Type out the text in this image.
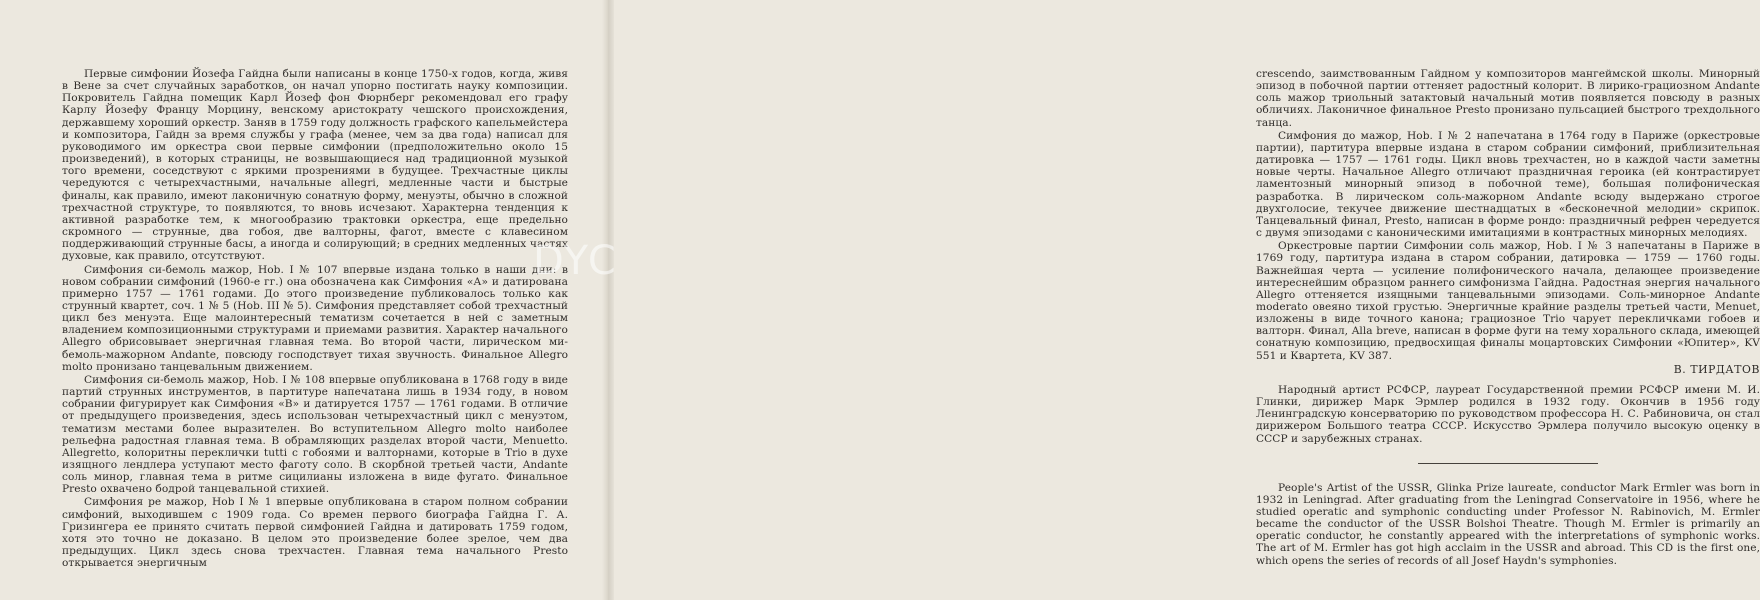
Первые симфонии Йозефа Гайдна были написаны в конце 1750-х годов, когда, живя в Вене за счет случайных заработков, он начал упорно постигать науку композиции. Покровитель Гайдна помещик Карл Йозеф фон Фюрнберг рекомендовал его графу Карлу Йозефу Францу Морцину, венскому аристократу чешского происхождения, державшему хороший оркестр. Заняв в 1759 году должность графского капельмейстера и композитора, Гайдн за время службы у графа (менее, чем за два года) написал для руководимого им оркестра свои первые симфонии (предположительно около 15 произведений), в которых страницы, не возвышающиеся над традиционной музыкой того времени, соседствуют с яркими прозрениями в будущее. Трехчастные циклы чередуются с четырехчастными, начальные allegri, медленные части и быстрые финалы, как правило, имеют лаконичную сонатную форму, менуэты, обычно в сложной трехчастной структуре, то появляются, то вновь исчезают. Характерна тенденция к активной разработке тем, к многообразию трактовки оркестра, еще предельно скромного — струнные, два гобоя, две валторны, фагот, вместе с клавесином поддерживающий струнные басы, а иногда и солирующий; в средних медленных частях духовые, как правило, отсутствуют.

Симфония си-бемоль мажор, Hob. I № 107 впервые издана только в наши дни: в новом собрании симфоний (1960-е гг.) она обозначена как Симфония «А» и датирована примерно 1757 — 1761 годами. До этого произведение публиковалось только как струнный квартет, соч. 1 № 5 (Hob. III № 5). Симфония представляет собой трехчастный цикл без менуэта. Еще малоинтересный тематизм сочетается в ней с заметным владением композиционными структурами и приемами развития. Характер начального Allegro обрисовывает энергичная главная тема. Во второй части, лирическом ми-бемоль-мажорном Andante, повсюду господствует тихая звучность. Финальное Allegro molto пронизано танцевальным движением.

Симфония си-бемоль мажор, Hob. I № 108 впервые опубликована в 1768 году в виде партий струнных инструментов, в партитуре напечатана лишь в 1934 году, в новом собрании фигурирует как Симфония «В» и датируется 1757 — 1761 годами. В отличие от предыдущего произведения, здесь использован четырехчастный цикл с менуэтом, тематизм местами более выразителен. Во вступительном Allegro molto наиболее рельефна радостная главная тема. В обрамляющих разделах второй части, Menuetto. Allegretto, колоритны переклички tutti с гобоями и валторнами, которые в Trio в духе изящного лендлера уступают место фаготу соло. В скорбной третьей части, Andante соль минор, главная тема в ритме сицилианы изложена в виде фугато. Финальное Presto охвачено бодрой танцевальной стихией.

Симфония ре мажор, Hob I № 1 впервые опубликована в старом полном собрании симфоний, выходившем с 1909 года. Со времен первого биографа Гайдна Г. А. Гризингера ее принято считать первой симфонией Гайдна и датировать 1759 годом, хотя это точно не доказано. В целом это произведение более зрелое, чем два предыдущих. Цикл здесь снова трехчастен. Главная тема начального Presto открывается энергичным

crescendo, заимствованным Гайдном у композиторов мангеймской школы. Минорный эпизод в побочной партии оттеняет радостный колорит. В лирико-грациозном Andante соль мажор триольный затактовый начальный мотив появляется повсюду в разных обличиях. Лаконичное финальное Presto пронизано пульсацией быстрого трехдольного танца.

Симфония до мажор, Hob. I № 2 напечатана в 1764 году в Париже (оркестровые партии), партитура впервые издана в старом собрании симфоний, приблизительная датировка — 1757 — 1761 годы. Цикл вновь трехчастен, но в каждой части заметны новые черты. Начальное Allegro отличают праздничная героика (ей контрастирует ламентозный минорный эпизод в побочной теме), большая полифоническая разработка. В лирическом соль-мажорном Andante всюду выдержано строгое двухголосие, текучее движение шестнадцатых в «бесконечной мелодии» скрипок. Танцевальный финал, Presto, написан в форме рондо: праздничный рефрен чередуется с двумя эпизодами с каноническими имитациями в контрастных минорных мелодиях.

Оркестровые партии Симфонии соль мажор, Hob. I № 3 напечатаны в Париже в 1769 году, партитура издана в старом собрании, датировка — 1759 — 1760 годы. Важнейшая черта — усиление полифонического начала, делающее произведение интереснейшим образцом раннего симфонизма Гайдна. Радостная энергия начального Allegro оттеняется изящными танцевальными эпизодами. Соль-минорное Andante moderato овеяно тихой грустью. Энергичные крайние разделы третьей части, Menuet, изложены в виде точного канона; грациозное Trio чарует перекличками гобоев и валторн. Финал, Alla breve, написан в форме фуги на тему хорального склада, имеющей сонатную композицию, предвосхищая финалы моцартовских Симфонии «Юпитер», KV 551 и Квартета, KV 387.

В. ТИРДАТОВ

Народный артист РСФСР, лауреат Государственной премии РСФСР имени М. И. Глинки, дирижер Марк Эрмлер родился в 1932 году. Окончив в 1956 году Ленинградскую консерваторию по руководством профессора Н. С. Рабиновича, он стал дирижером Большого театра СССР. Искусство Эрмлера получило высокую оценку в СССР и зарубежных странах.

People's Artist of the USSR, Glinka Prize laureate, conductor Mark Ermler was born in 1932 in Leningrad. After graduating from the Leningrad Conservatoire in 1956, where he studied operatic and symphonic conducting under Professor N. Rabinovich, M. Ermler became the conductor of the USSR Bolshoi Theatre. Though M. Ermler is primarily an operatic conductor, he constantly appeared with the interpretations of symphonic works. The art of M. Ermler has got high acclaim in the USSR and abroad. This CD is the first one, which opens the series of records of all Josef Haydn's symphonies.

DYC
